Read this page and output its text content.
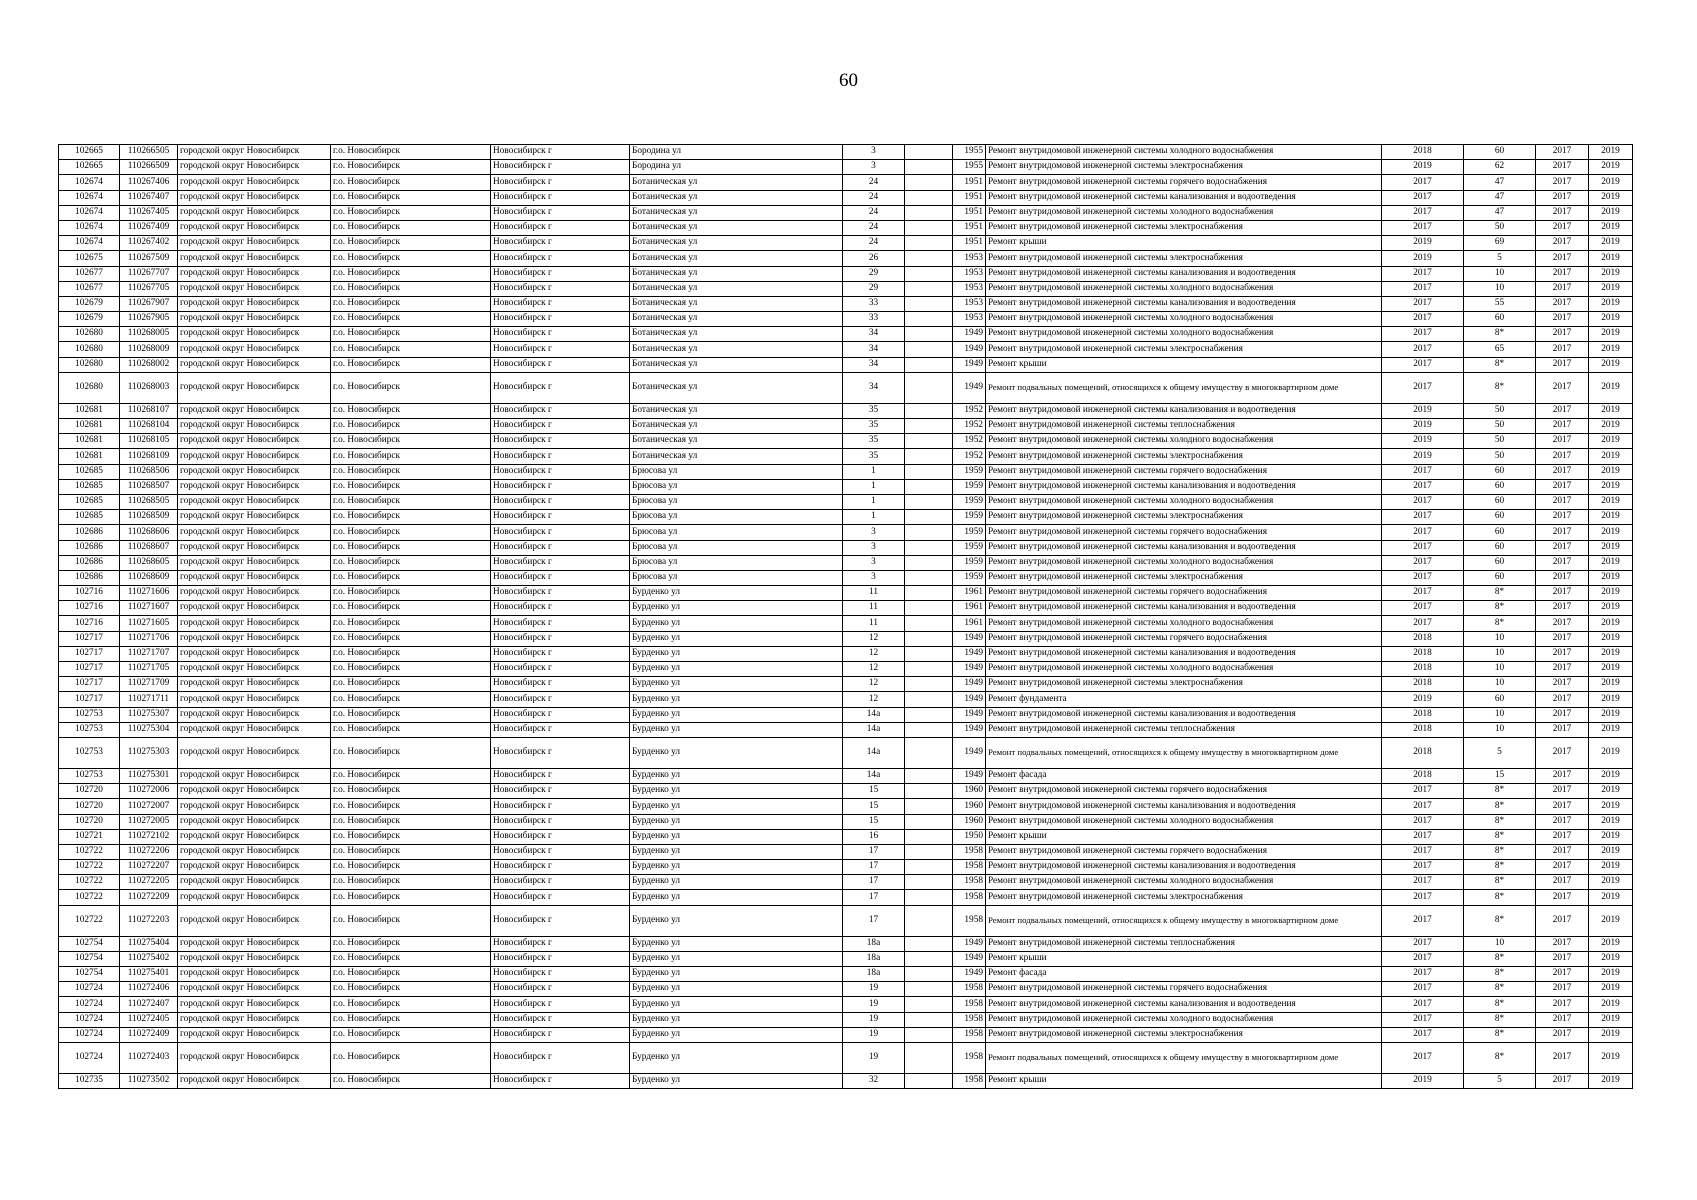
60
102665	110266505	городской округ Новосибирск	г.о. Новосибирск	Новосибирск г	Бородина ул	3		1955	Ремонт внутридомовой инженерной системы холодного водоснабжения	2018	60	2017	2019
102665	110266509	городской округ Новосибирск	г.о. Новосибирск	Новосибирск г	Бородина ул	3		1955	Ремонт внутридомовой инженерной системы электроснабжения	2019	62	2017	2019
102674	110267406	городской округ Новосибирск	г.о. Новосибирск	Новосибирск г	Ботаническая ул	24		1951	Ремонт внутридомовой инженерной системы горячего водоснабжения	2017	47	2017	2019
102674	110267407	городской округ Новосибирск	г.о. Новосибирск	Новосибирск г	Ботаническая ул	24		1951	Ремонт внутридомовой инженерной системы канализования и водоотведения	2017	47	2017	2019
102674	110267405	городской округ Новосибирск	г.о. Новосибирск	Новосибирск г	Ботаническая ул	24		1951	Ремонт внутридомовой инженерной системы холодного водоснабжения	2017	47	2017	2019
102674	110267409	городской округ Новосибирск	г.о. Новосибирск	Новосибирск г	Ботаническая ул	24		1951	Ремонт внутридомовой инженерной системы электроснабжения	2017	50	2017	2019
102674	110267402	городской округ Новосибирск	г.о. Новосибирск	Новосибирск г	Ботаническая ул	24		1951	Ремонт крыши	2019	69	2017	2019
102675	110267509	городской округ Новосибирск	г.о. Новосибирск	Новосибирск г	Ботаническая ул	26		1953	Ремонт внутридомовой инженерной системы электроснабжения	2019	5	2017	2019
102677	110267707	городской округ Новосибирск	г.о. Новосибирск	Новосибирск г	Ботаническая ул	29		1953	Ремонт внутридомовой инженерной системы канализования и водоотведения	2017	10	2017	2019
102677	110267705	городской округ Новосибирск	г.о. Новосибирск	Новосибирск г	Ботаническая ул	29		1953	Ремонт внутридомовой инженерной системы холодного водоснабжения	2017	10	2017	2019
102679	110267907	городской округ Новосибирск	г.о. Новосибирск	Новосибирск г	Ботаническая ул	33		1953	Ремонт внутридомовой инженерной системы канализования и водоотведения	2017	55	2017	2019
102679	110267905	городской округ Новосибирск	г.о. Новосибирск	Новосибирск г	Ботаническая ул	33		1953	Ремонт внутридомовой инженерной системы холодного водоснабжения	2017	60	2017	2019
102680	110268005	городской округ Новосибирск	г.о. Новосибирск	Новосибирск г	Ботаническая ул	34		1949	Ремонт внутридомовой инженерной системы холодного водоснабжения	2017	8*	2017	2019
102680	110268009	городской округ Новосибирск	г.о. Новосибирск	Новосибирск г	Ботаническая ул	34		1949	Ремонт внутридомовой инженерной системы электроснабжения	2017	65	2017	2019
102680	110268002	городской округ Новосибирск	г.о. Новосибирск	Новосибирск г	Ботаническая ул	34		1949	Ремонт крыши	2017	8*	2017	2019
102680	110268003	городской округ Новосибирск	г.о. Новосибирск	Новосибирск г	Ботаническая ул	34		1949	Ремонт подвальных помещений, относящихся к общему имуществу в многоквартирном доме	2017	8*	2017	2019
102681	110268107	городской округ Новосибирск	г.о. Новосибирск	Новосибирск г	Ботаническая ул	35		1952	Ремонт внутридомовой инженерной системы канализования и водоотведения	2019	50	2017	2019
102681	110268104	городской округ Новосибирск	г.о. Новосибирск	Новосибирск г	Ботаническая ул	35		1952	Ремонт внутридомовой инженерной системы теплоснабжения	2019	50	2017	2019
102681	110268105	городской округ Новосибирск	г.о. Новосибирск	Новосибирск г	Ботаническая ул	35		1952	Ремонт внутридомовой инженерной системы холодного водоснабжения	2019	50	2017	2019
102681	110268109	городской округ Новосибирск	г.о. Новосибирск	Новосибирск г	Ботаническая ул	35		1952	Ремонт внутридомовой инженерной системы электроснабжения	2019	50	2017	2019
102685	110268506	городской округ Новосибирск	г.о. Новосибирск	Новосибирск г	Брюсова ул	1		1959	Ремонт внутридомовой инженерной системы горячего водоснабжения	2017	60	2017	2019
102685	110268507	городской округ Новосибирск	г.о. Новосибирск	Новосибирск г	Брюсова ул	1		1959	Ремонт внутридомовой инженерной системы канализования и водоотведения	2017	60	2017	2019
102685	110268505	городской округ Новосибирск	г.о. Новосибирск	Новосибирск г	Брюсова ул	1		1959	Ремонт внутридомовой инженерной системы холодного водоснабжения	2017	60	2017	2019
102685	110268509	городской округ Новосибирск	г.о. Новосибирск	Новосибирск г	Брюсова ул	1		1959	Ремонт внутридомовой инженерной системы электроснабжения	2017	60	2017	2019
102686	110268606	городской округ Новосибирск	г.о. Новосибирск	Новосибирск г	Брюсова ул	3		1959	Ремонт внутридомовой инженерной системы горячего водоснабжения	2017	60	2017	2019
102686	110268607	городской округ Новосибирск	г.о. Новосибирск	Новосибирск г	Брюсова ул	3		1959	Ремонт внутридомовой инженерной системы канализования и водоотведения	2017	60	2017	2019
102686	110268605	городской округ Новосибирск	г.о. Новосибирск	Новосибирск г	Брюсова ул	3		1959	Ремонт внутридомовой инженерной системы холодного водоснабжения	2017	60	2017	2019
102686	110268609	городской округ Новосибирск	г.о. Новосибирск	Новосибирск г	Брюсова ул	3		1959	Ремонт внутридомовой инженерной системы электроснабжения	2017	60	2017	2019
102716	110271606	городской округ Новосибирск	г.о. Новосибирск	Новосибирск г	Бурденко ул	11		1961	Ремонт внутридомовой инженерной системы горячего водоснабжения	2017	8*	2017	2019
102716	110271607	городской округ Новосибирск	г.о. Новосибирск	Новосибирск г	Бурденко ул	11		1961	Ремонт внутридомовой инженерной системы канализования и водоотведения	2017	8*	2017	2019
102716	110271605	городской округ Новосибирск	г.о. Новосибирск	Новосибирск г	Бурденко ул	11		1961	Ремонт внутридомовой инженерной системы холодного водоснабжения	2017	8*	2017	2019
102717	110271706	городской округ Новосибирск	г.о. Новосибирск	Новосибирск г	Бурденко ул	12		1949	Ремонт внутридомовой инженерной системы горячего водоснабжения	2018	10	2017	2019
102717	110271707	городской округ Новосибирск	г.о. Новосибирск	Новосибирск г	Бурденко ул	12		1949	Ремонт внутридомовой инженерной системы канализования и водоотведения	2018	10	2017	2019
102717	110271705	городской округ Новосибирск	г.о. Новосибирск	Новосибирск г	Бурденко ул	12		1949	Ремонт внутридомовой инженерной системы холодного водоснабжения	2018	10	2017	2019
102717	110271709	городской округ Новосибирск	г.о. Новосибирск	Новосибирск г	Бурденко ул	12		1949	Ремонт внутридомовой инженерной системы электроснабжения	2018	10	2017	2019
102717	110271711	городской округ Новосибирск	г.о. Новосибирск	Новосибирск г	Бурденко ул	12		1949	Ремонт фундамента	2019	60	2017	2019
102753	110275307	городской округ Новосибирск	г.о. Новосибирск	Новосибирск г	Бурденко ул	14а		1949	Ремонт внутридомовой инженерной системы канализования и водоотведения	2018	10	2017	2019
102753	110275304	городской округ Новосибирск	г.о. Новосибирск	Новосибирск г	Бурденко ул	14а		1949	Ремонт внутридомовой инженерной системы теплоснабжения	2018	10	2017	2019
102753	110275303	городской округ Новосибирск	г.о. Новосибирск	Новосибирск г	Бурденко ул	14а		1949	Ремонт подвальных помещений, относящихся к общему имуществу в многоквартирном доме	2018	5	2017	2019
102753	110275301	городской округ Новосибирск	г.о. Новосибирск	Новосибирск г	Бурденко ул	14а		1949	Ремонт фасада	2018	15	2017	2019
102720	110272006	городской округ Новосибирск	г.о. Новосибирск	Новосибирск г	Бурденко ул	15		1960	Ремонт внутридомовой инженерной системы горячего водоснабжения	2017	8*	2017	2019
102720	110272007	городской округ Новосибирск	г.о. Новосибирск	Новосибирск г	Бурденко ул	15		1960	Ремонт внутридомовой инженерной системы канализования и водоотведения	2017	8*	2017	2019
102720	110272005	городской округ Новосибирск	г.о. Новосибирск	Новосибирск г	Бурденко ул	15		1960	Ремонт внутридомовой инженерной системы холодного водоснабжения	2017	8*	2017	2019
102721	110272102	городской округ Новосибирск	г.о. Новосибирск	Новосибирск г	Бурденко ул	16		1950	Ремонт крыши	2017	8*	2017	2019
102722	110272206	городской округ Новосибирск	г.о. Новосибирск	Новосибирск г	Бурденко ул	17		1958	Ремонт внутридомовой инженерной системы горячего водоснабжения	2017	8*	2017	2019
102722	110272207	городской округ Новосибирск	г.о. Новосибирск	Новосибирск г	Бурденко ул	17		1958	Ремонт внутридомовой инженерной системы канализования и водоотведения	2017	8*	2017	2019
102722	110272205	городской округ Новосибирск	г.о. Новосибирск	Новосибирск г	Бурденко ул	17		1958	Ремонт внутридомовой инженерной системы холодного водоснабжения	2017	8*	2017	2019
102722	110272209	городской округ Новосибирск	г.о. Новосибирск	Новосибирск г	Бурденко ул	17		1958	Ремонт внутридомовой инженерной системы электроснабжения	2017	8*	2017	2019
102722	110272203	городской округ Новосибирск	г.о. Новосибирск	Новосибирск г	Бурденко ул	17		1958	Ремонт подвальных помещений, относящихся к общему имуществу в многоквартирном доме	2017	8*	2017	2019
102754	110275404	городской округ Новосибирск	г.о. Новосибирск	Новосибирск г	Бурденко ул	18а		1949	Ремонт внутридомовой инженерной системы теплоснабжения	2017	10	2017	2019
102754	110275402	городской округ Новосибирск	г.о. Новосибирск	Новосибирск г	Бурденко ул	18а		1949	Ремонт крыши	2017	8*	2017	2019
102754	110275401	городской округ Новосибирск	г.о. Новосибирск	Новосибирск г	Бурденко ул	18а		1949	Ремонт фасада	2017	8*	2017	2019
102724	110272406	городской округ Новосибирск	г.о. Новосибирск	Новосибирск г	Бурденко ул	19		1958	Ремонт внутридомовой инженерной системы горячего водоснабжения	2017	8*	2017	2019
102724	110272407	городской округ Новосибирск	г.о. Новосибирск	Новосибирск г	Бурденко ул	19		1958	Ремонт внутридомовой инженерной системы канализования и водоотведения	2017	8*	2017	2019
102724	110272405	городской округ Новосибирск	г.о. Новосибирск	Новосибирск г	Бурденко ул	19		1958	Ремонт внутридомовой инженерной системы холодного водоснабжения	2017	8*	2017	2019
102724	110272409	городской округ Новосибирск	г.о. Новосибирск	Новосибирск г	Бурденко ул	19		1958	Ремонт внутридомовой инженерной системы электроснабжения	2017	8*	2017	2019
102724	110272403	городской округ Новосибирск	г.о. Новосибирск	Новосибирск г	Бурденко ул	19		1958	Ремонт подвальных помещений, относящихся к общему имуществу в многоквартирном доме	2017	8*	2017	2019
102735	110273502	городской округ Новосибирск	г.о. Новосибирск	Новосибирск г	Бурденко ул	32		1958	Ремонт крыши	2019	5	2017	2019
